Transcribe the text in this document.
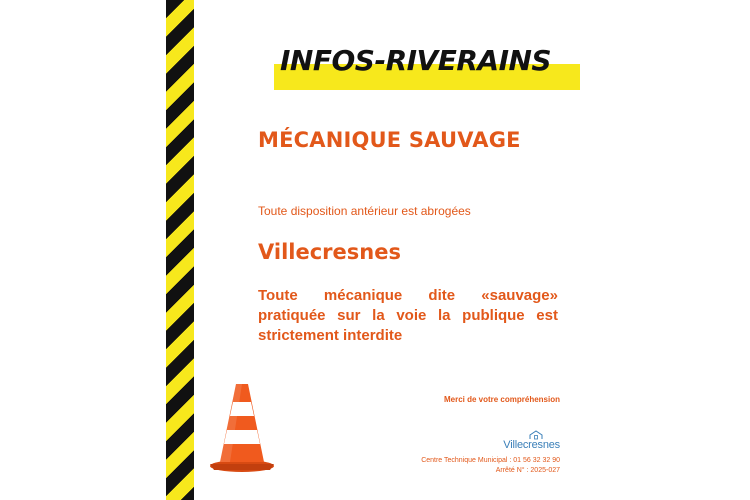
INFOS-RIVERAINS
MÉCANIQUE SAUVAGE
Toute disposition antérieur est abrogées
Villecresnes
Toute mécanique dite «sauvage» pratiquée sur la voie la publique est strictement interdite
Merci de votre compréhension
Villecresnes
Centre Technique Municipal : 01 56 32 32 90
Arrêté N° : 2025-027
